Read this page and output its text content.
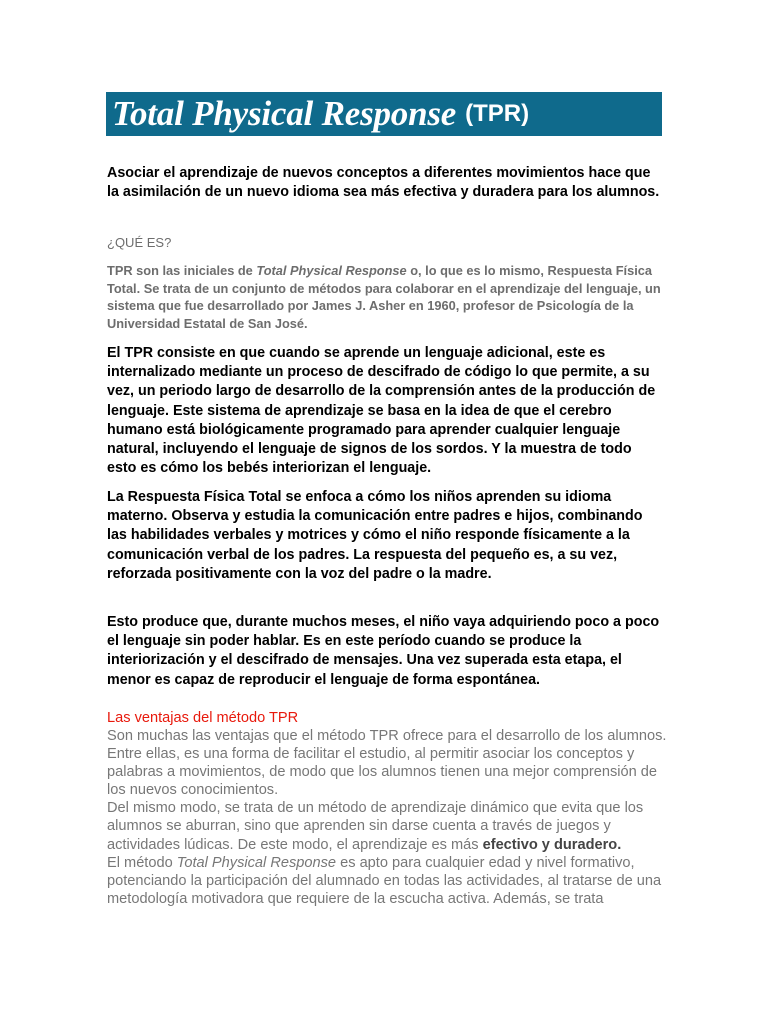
Total Physical Response (TPR)

Asociar el aprendizaje de nuevos conceptos a diferentes movimientos hace que la asimilación de un nuevo idioma sea más efectiva y duradera para los alumnos.

¿QUÉ ES?

TPR son las iniciales de Total Physical Response o, lo que es lo mismo, Respuesta Física Total. Se trata de un conjunto de métodos para colaborar en el aprendizaje del lenguaje, un sistema que fue desarrollado por James J. Asher en 1960, profesor de Psicología de la Universidad Estatal de San José.

El TPR consiste en que cuando se aprende un lenguaje adicional, este es internalizado mediante un proceso de descifrado de código lo que permite, a su vez, un periodo largo de desarrollo de la comprensión antes de la producción de lenguaje. Este sistema de aprendizaje se basa en la idea de que el cerebro humano está biológicamente programado para aprender cualquier lenguaje natural, incluyendo el lenguaje de signos de los sordos. Y la muestra de todo esto es cómo los bebés interiorizan el lenguaje.

La Respuesta Física Total se enfoca a cómo los niños aprenden su idioma materno. Observa y estudia la comunicación entre padres e hijos, combinando las habilidades verbales y motrices y cómo el niño responde físicamente a la comunicación verbal de los padres. La respuesta del pequeño es, a su vez, reforzada positivamente con la voz del padre o la madre.

Esto produce que, durante muchos meses, el niño vaya adquiriendo poco a poco el lenguaje sin poder hablar. Es en este período cuando se produce la interiorización y el descifrado de mensajes. Una vez superada esta etapa, el menor es capaz de reproducir el lenguaje de forma espontánea.

Las ventajas del método TPR

Son muchas las ventajas que el método TPR ofrece para el desarrollo de los alumnos. Entre ellas, es una forma de facilitar el estudio, al permitir asociar los conceptos y palabras a movimientos, de modo que los alumnos tienen una mejor comprensión de los nuevos conocimientos.

Del mismo modo, se trata de un método de aprendizaje dinámico que evita que los alumnos se aburran, sino que aprenden sin darse cuenta a través de juegos y actividades lúdicas. De este modo, el aprendizaje es más efectivo y duradero.

El método Total Physical Response es apto para cualquier edad y nivel formativo, potenciando la participación del alumnado en todas las actividades, al tratarse de una metodología motivadora que requiere de la escucha activa. Además, se trata
